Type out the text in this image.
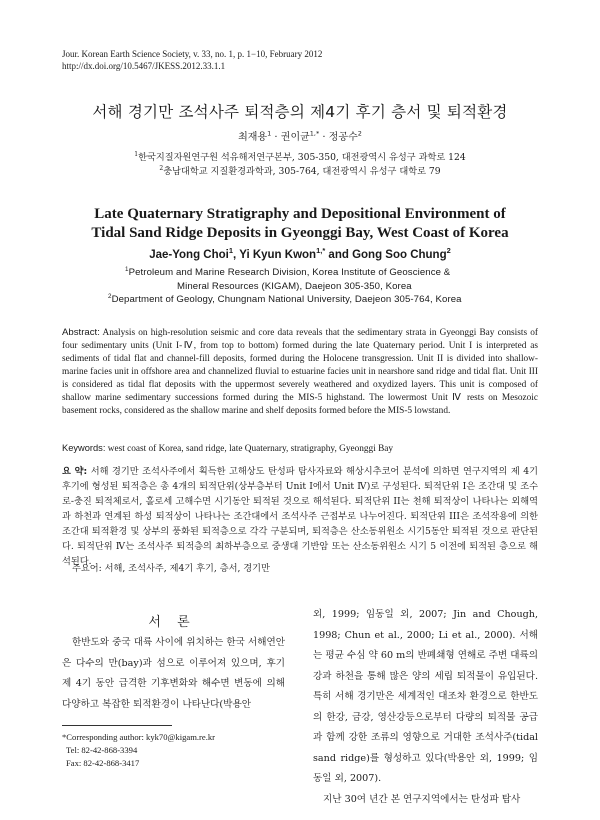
Jour. Korean Earth Science Society, v. 33, no. 1, p. 1−10, February 2012
http://dx.doi.org/10.5467/JKESS.2012.33.1.1
서해 경기만 조석사주 퇴적층의 제4기 후기 층서 및 퇴적환경
최재용$^1$ · 권이균$^{1,*}$ · 정공수$^2$
$^1$한국지질자원연구원 석유해저연구본부, 305-350, 대전광역시 유성구 과학로 124
$^2$충남대학교 지질환경과학과, 305-764, 대전광역시 유성구 대학로 79
Late Quaternary Stratigraphy and Depositional Environment of
Tidal Sand Ridge Deposits in Gyeonggi Bay, West Coast of Korea
Jae-Yong Choi$^1$, Yi Kyun Kwon$^{1,*}$ and Gong Soo Chung$^2$
$^1$Petroleum and Marine Research Division, Korea Institute of Geoscience &
Mineral Resources (KIGAM), Daejeon 305-350, Korea
$^2$Department of Geology, Chungnam National University, Daejeon 305-764, Korea
Abstract: Analysis on high-resolution seismic and core data reveals that the sedimentary strata in Gyeonggi Bay consists of four sedimentary units (Unit I-Ⅳ, from top to bottom) formed during the late Quaternary period. Unit I is interpreted as sediments of tidal flat and channel-fill deposits, formed during the Holocene transgression. Unit II is divided into shallow-marine facies unit in offshore area and channelized fluvial to estuarine facies unit in nearshore sand ridge and tidal flat. Unit III is considered as tidal flat deposits with the uppermost severely weathered and oxydized layers. This unit is composed of shallow marine sedimentary successions formed during the MIS-5 highstand. The lowermost Unit Ⅳ rests on Mesozoic basement rocks, considered as the shallow marine and shelf deposits formed before the MIS-5 lowstand.
Keywords: west coast of Korea, sand ridge, late Quaternary, stratigraphy, Gyeonggi Bay
요 약: 서해 경기만 조석사주에서 획득한 고해상도 탄성파 탐사자료와 해상시추코어 분석에 의하면 연구지역의 제 4기 후기에 형성된 퇴적층은 총 4개의 퇴적단위(상부층부터 Unit I에서 Unit Ⅳ)로 구성된다. 퇴적단위 I은 조간대 및 조수로-충진 퇴적체로서, 홀로세 고해수면 시기동안 퇴적된 것으로 해석된다. 퇴적단위 II는 천해 퇴적상이 나타나는 외해역과 하천과 연계된 하성 퇴적상이 나타나는 조간대에서 조석사주 근접부로 나누어진다. 퇴적단위 III은 조석작용에 의한 조간대 퇴적환경 및 상부의 풍화된 퇴적층으로 각각 구분되며, 퇴적층은 산소동위원소 시기5동안 퇴적된 것으로 판단된다. 퇴적단위 Ⅳ는 조석사주 퇴적층의 최하부층으로 중생대 기반암 또는 산소동위원소 시기 5 이전에 퇴적된 층으로 해석된다.
주요어: 서해, 조석사주, 제4기 후기, 층서, 경기만
서 론

한반도와 중국 대륙 사이에 위치하는 한국 서해연안은 다수의 만(bay)과 섬으로 이루어져 있으며, 후기 제 4기 동안 급격한 기후변화와 해수면 변동에 의해 다양하고 복잡한 퇴적환경이 나타난다(박용안

외, 1999; 임동일 외, 2007; Jin and Chough, 1998; Chun et al., 2000; Li et al., 2000). 서해는 평균 수심 약 60 m의 반폐쇄형 연해로 주변 대륙의 강과 하천을 통해 많은 양의 세립 퇴적물이 유입된다. 특히 서해 경기만은 세계적인 대조차 환경으로 한반도의 한강, 금강, 영산강등으로부터 다량의 퇴적물 공급과 함께 강한 조류의 영향으로 거대한 조석사주(tidal sand ridge)를 형성하고 있다(박용안 외, 1999; 임동일 외, 2007).

지난 30여 년간 본 연구지역에서는 탄성파 탐사

*Corresponding author: kyk70@kigam.re.kr
Tel: 82-42-868-3394
Fax: 82-42-868-3417
